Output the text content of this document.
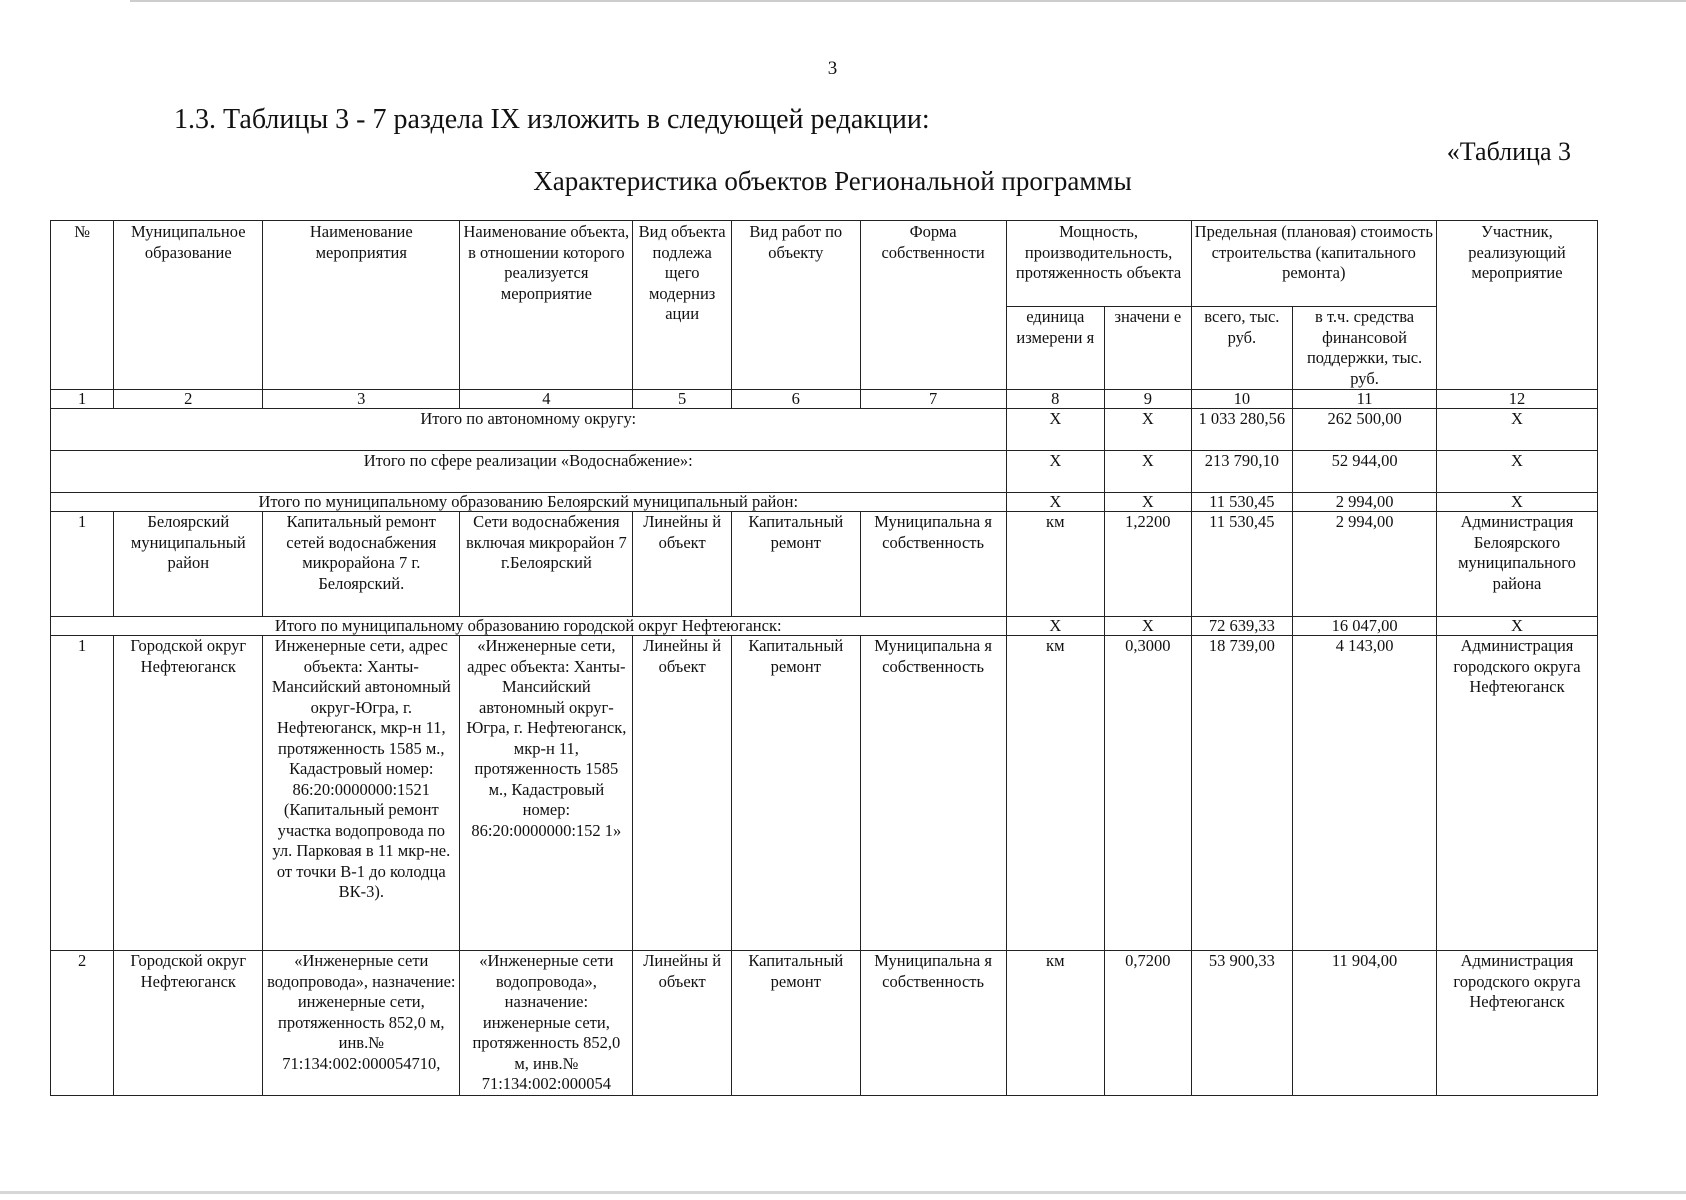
3
1.3. Таблицы 3 - 7 раздела IX изложить в следующей редакции:
«Таблица 3
Характеристика объектов Региональной программы
№	Муниципальное образование	Наименование мероприятия	Наименование объекта, в отношении которого реализуется мероприятие	Вид объекта подлежа щего модерниз ации	Вид работ по объекту	Форма собственности	Мощность, производительность, протяженность объекта		Предельная (плановая) стоимость строительства (капитального ремонта)		Участник, реализующий мероприятие
							единица измерени я	значени е	всего, тыс. руб.	в т.ч. средства финансовой поддержки, тыс. руб.	
1	2	3	4	5	6	7	8	9	10	11	12
Итого по автономному округу:							X	X	1 033 280,56	262 500,00	X
Итого по сфере реализации «Водоснабжение»:							X	X	213 790,10	52 944,00	X
Итого по муниципальному образованию Белоярский муниципальный район:							X	X	11 530,45	2 994,00	X
1	Белоярский муниципальный район	Капитальный ремонт сетей водоснабжения микрорайона 7 г. Белоярский.	Сети водоснабжения включая микрорайон 7 г.Белоярский	Линейны й объект	Капитальный ремонт	Муниципальна я собственность	км	1,2200	11 530,45	2 994,00	Администрация Белоярского муниципального района
Итого по муниципальному образованию городской округ Нефтеюганск:							X	X	72 639,33	16 047,00	X
1	Городской округ Нефтеюганск	Инженерные сети, адрес объекта: Ханты-Мансийский автономный округ-Югра, г. Нефтеюганск, мкр-н 11, протяженность 1585 м., Кадастровый номер: 86:20:0000000:1521 (Капитальный ремонт участка водопровода по ул. Парковая в 11 мкр-не. от точки В-1 до колодца ВК-3).	«Инженерные сети, адрес объекта: Ханты-Мансийский автономный округ-Югра, г. Нефтеюганск, мкр-н 11, протяженность 1585 м., Кадастровый номер: 86:20:0000000:152 1»	Линейны й объект	Капитальный ремонт	Муниципальна я собственность	км	0,3000	18 739,00	4 143,00	Администрация городского округа Нефтеюганск
2	Городской округ Нефтеюганск	«Инженерные сети водопровода», назначение: инженерные сети, протяженность 852,0 м, инв.№ 71:134:002:000054710,	«Инженерные сети водопровода», назначение: инженерные сети, протяженность 852,0 м, инв.№ 71:134:002:000054	Линейны й объект	Капитальный ремонт	Муниципальна я собственность	км	0,7200	53 900,33	11 904,00	Администрация городского округа Нефтеюганск
